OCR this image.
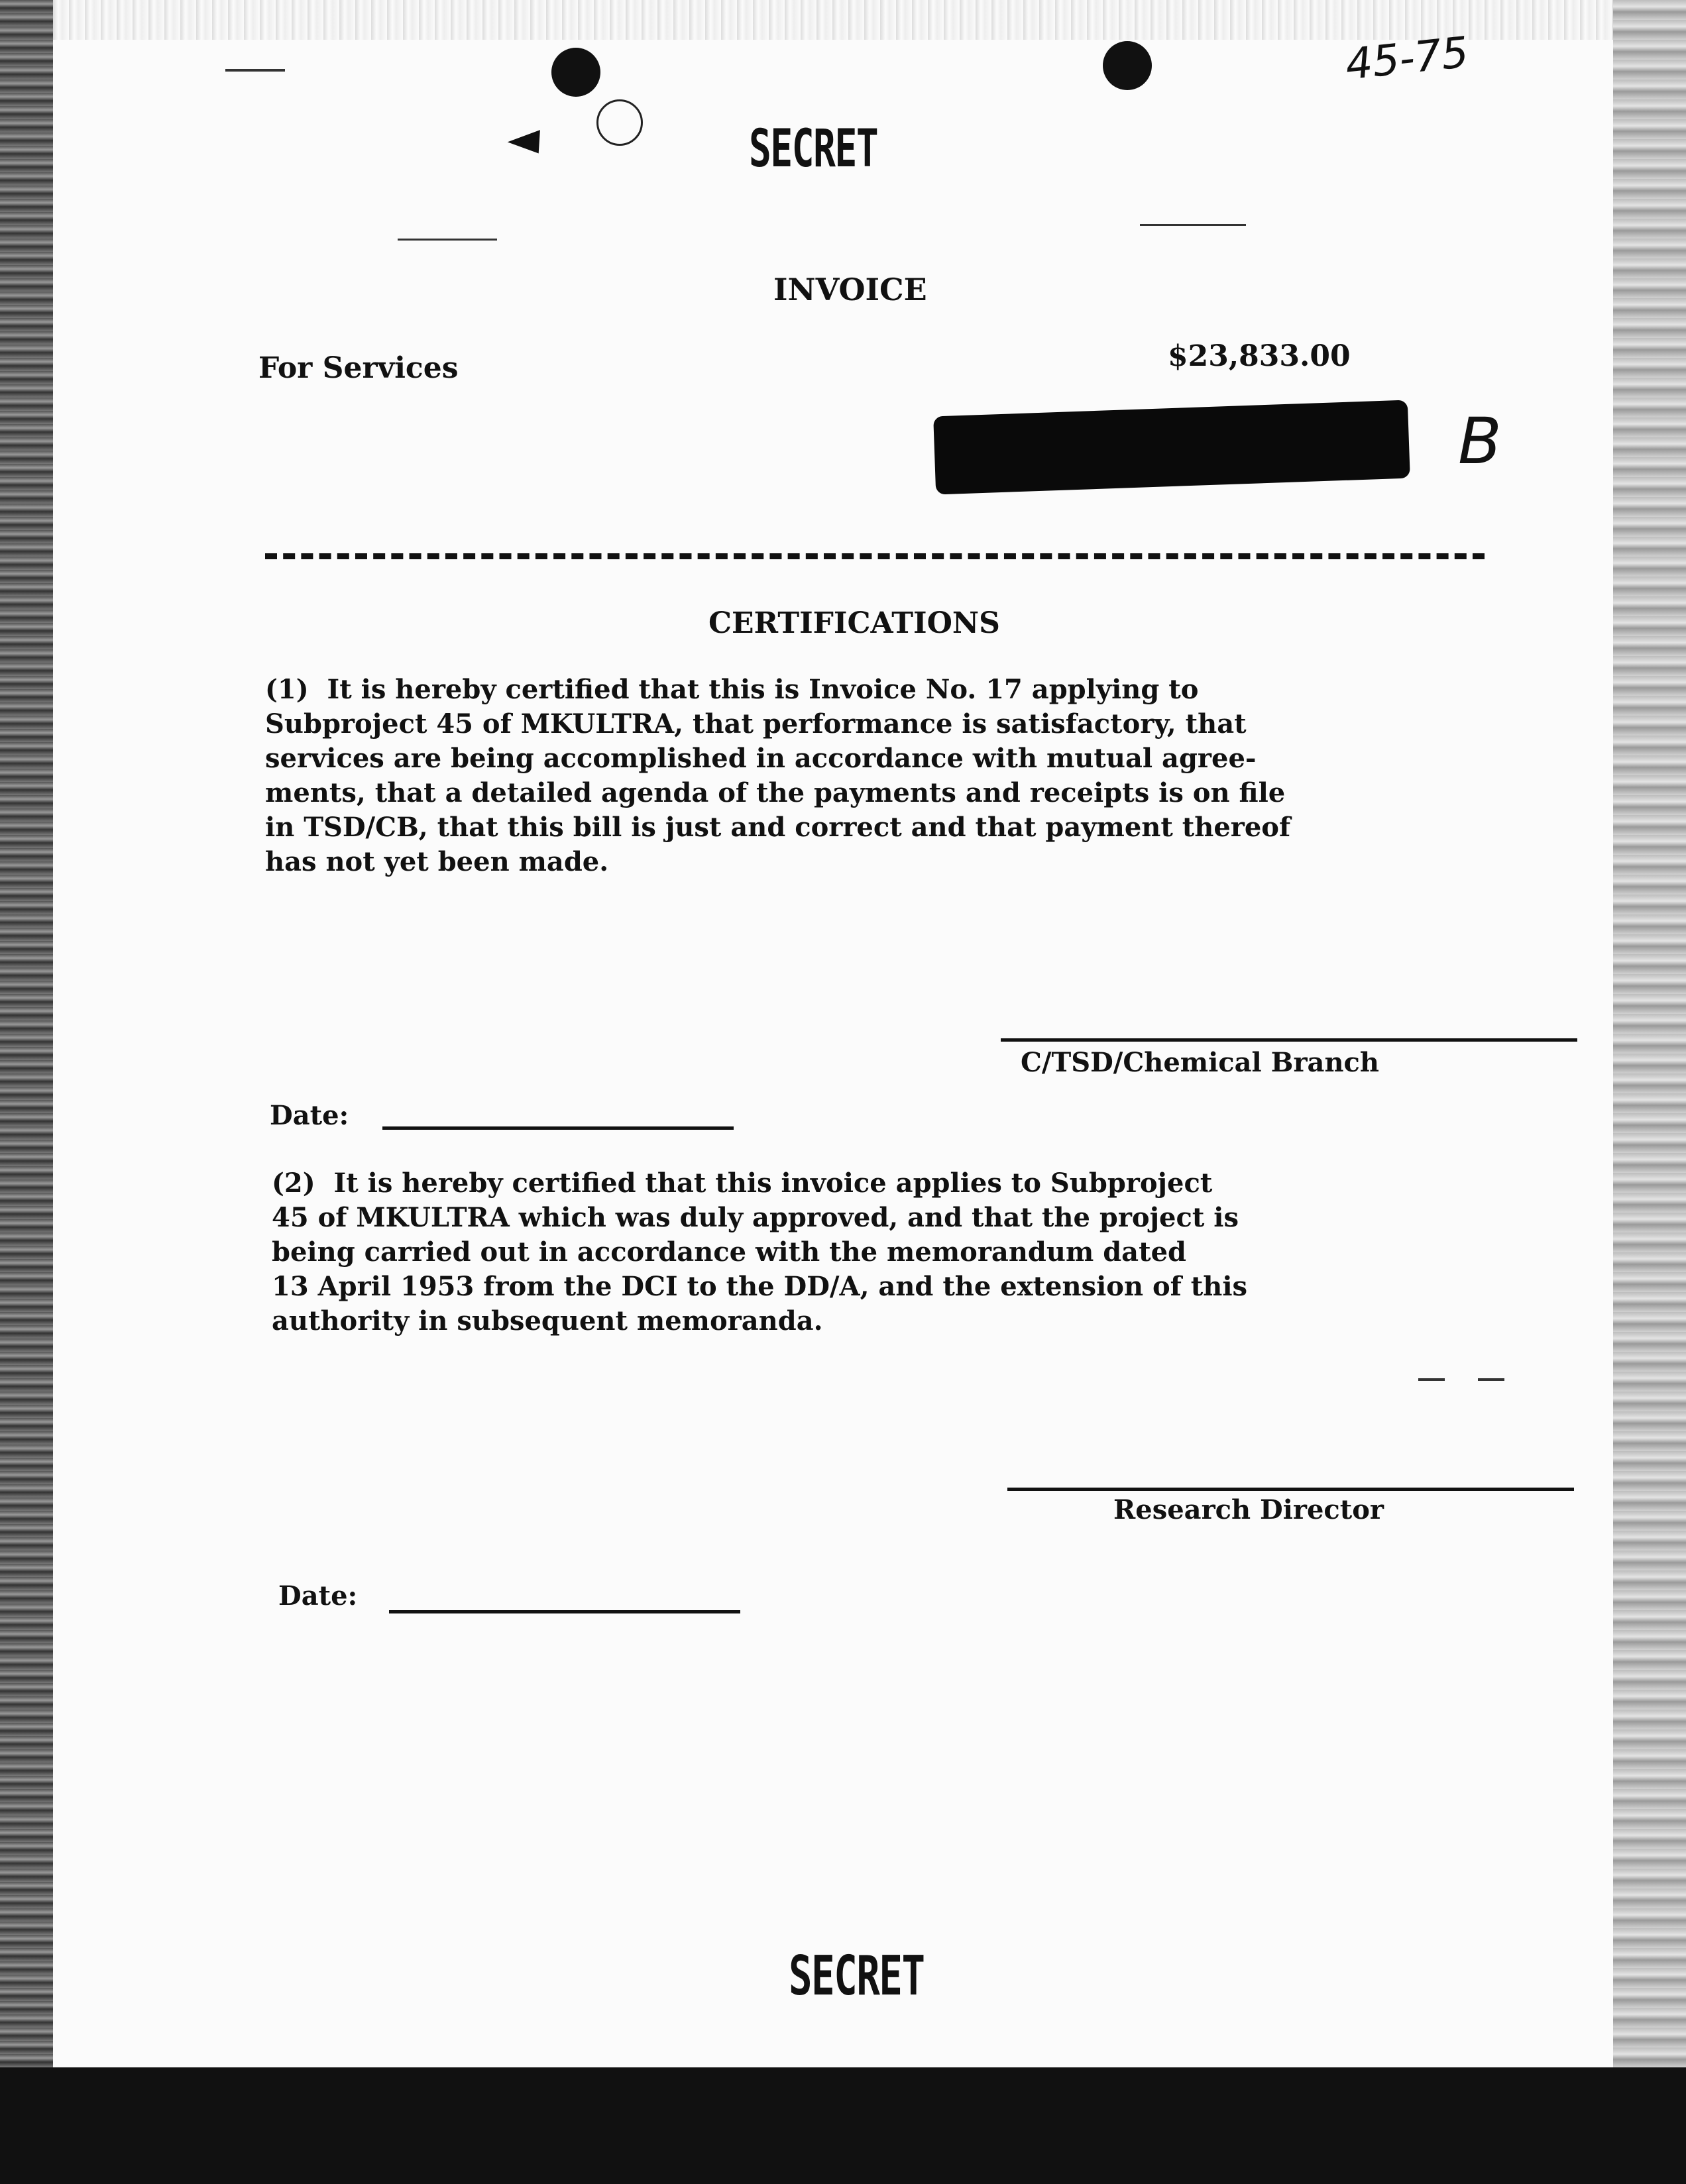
SECRET
45-75
INVOICE
For Services	$23,833.00
B
CERTIFICATIONS
(1)  It is hereby certified that this is Invoice No. 17 applying to
Subproject 45 of MKULTRA, that performance is satisfactory, that
services are being accomplished in accordance with mutual agree-
ments, that a detailed agenda of the payments and receipts is on file
in TSD/CB, that this bill is just and correct and that payment thereof
has not yet been made.
C/TSD/Chemical Branch
Date:
(2)  It is hereby certified that this invoice applies to Subproject
45 of MKULTRA which was duly approved, and that the project is
being carried out in accordance with the memorandum dated
13 April 1953 from the DCI to the DD/A, and the extension of this
authority in subsequent memoranda.
Research Director
Date:
SECRET
